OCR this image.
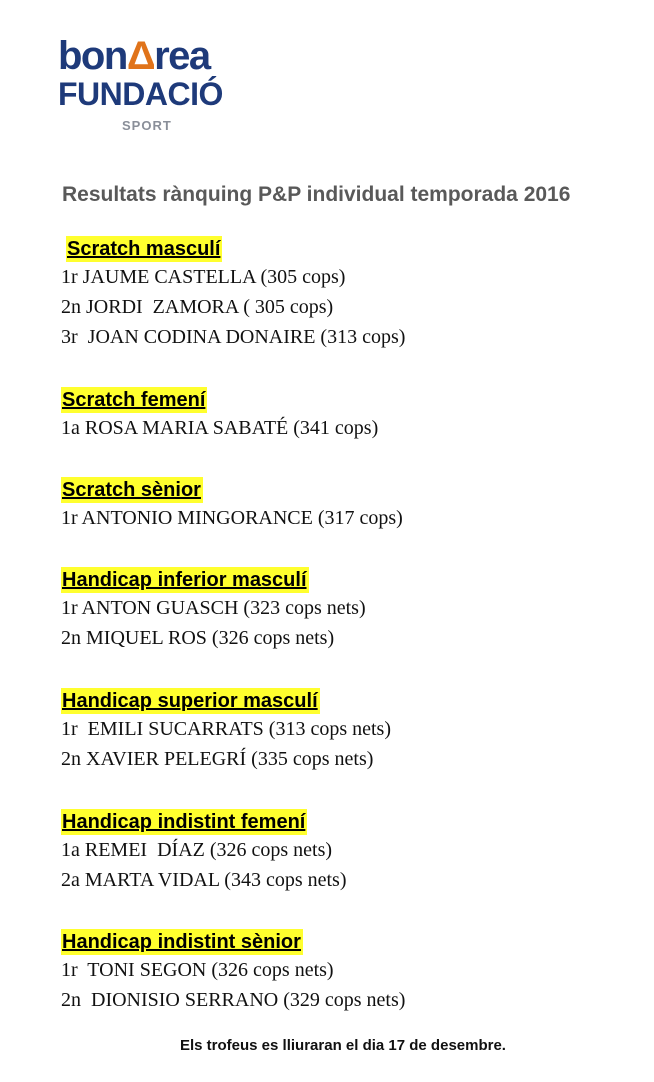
bonΔrea
FUNDACIÓ
SPORT
Resultats rànquing P&P individual temporada 2016
Scratch masculí
1r JAUME CASTELLA (305 cops)
2n JORDI  ZAMORA ( 305 cops)
3r  JOAN CODINA DONAIRE (313 cops)
Scratch femení
1a ROSA MARIA SABATÉ (341 cops)
Scratch sènior
1r ANTONIO MINGORANCE (317 cops)
Handicap inferior masculí
1r ANTON GUASCH (323 cops nets)
2n MIQUEL ROS (326 cops nets)
Handicap superior masculí
1r  EMILI SUCARRATS (313 cops nets)
2n XAVIER PELEGRÍ (335 cops nets)
Handicap indistint femení
1a REMEI  DÍAZ (326 cops nets)
2a MARTA VIDAL (343 cops nets)
Handicap indistint sènior
1r  TONI SEGON (326 cops nets)
2n  DIONISIO SERRANO (329 cops nets)
Els trofeus es lliuraran el dia 17 de desembre.
